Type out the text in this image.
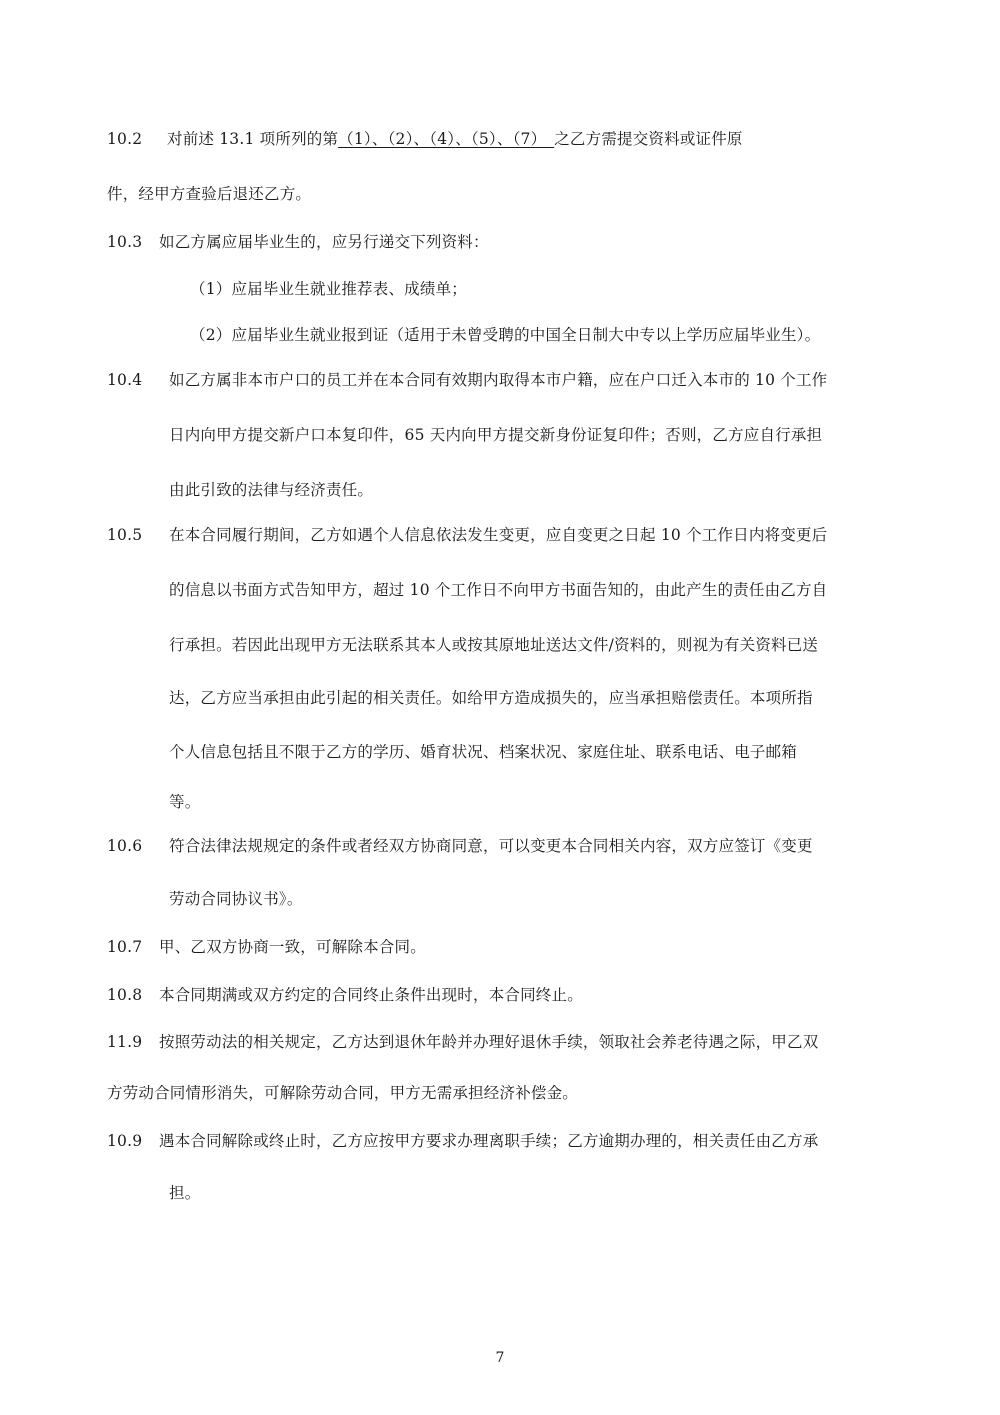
10.2 对前述 13.1 项所列的第（1）、（2）、（4）、（5）、（7）　之乙方需提交资料或证件原
件，经甲方查验后退还乙方。
10.3 如乙方属应届毕业生的，应另行递交下列资料：
（1）应届毕业生就业推荐表、成绩单；
（2）应届毕业生就业报到证（适用于未曾受聘的中国全日制大中专以上学历应届毕业生）。
10.4 如乙方属非本市户口的员工并在本合同有效期内取得本市户籍，应在户口迁入本市的 10 个工作
日内向甲方提交新户口本复印件，65 天内向甲方提交新身份证复印件；否则，乙方应自行承担
由此引致的法律与经济责任。
10.5 在本合同履行期间，乙方如遇个人信息依法发生变更，应自变更之日起 10 个工作日内将变更后
的信息以书面方式告知甲方，超过 10 个工作日不向甲方书面告知的，由此产生的责任由乙方自
行承担。若因此出现甲方无法联系其本人或按其原地址送达文件/资料的，则视为有关资料已送
达，乙方应当承担由此引起的相关责任。如给甲方造成损失的，应当承担赔偿责任。本项所指
个人信息包括且不限于乙方的学历、婚育状况、档案状况、家庭住址、联系电话、电子邮箱
等。
10.6 符合法律法规规定的条件或者经双方协商同意，可以变更本合同相关内容，双方应签订《变更
劳动合同协议书》。
10.7 甲、乙双方协商一致，可解除本合同。
10.8 本合同期满或双方约定的合同终止条件出现时，本合同终止。
11.9 按照劳动法的相关规定，乙方达到退休年龄并办理好退休手续，领取社会养老待遇之际，甲乙双
方劳动合同情形消失，可解除劳动合同，甲方无需承担经济补偿金。
10.9 遇本合同解除或终止时，乙方应按甲方要求办理离职手续；乙方逾期办理的，相关责任由乙方承
担。
7
